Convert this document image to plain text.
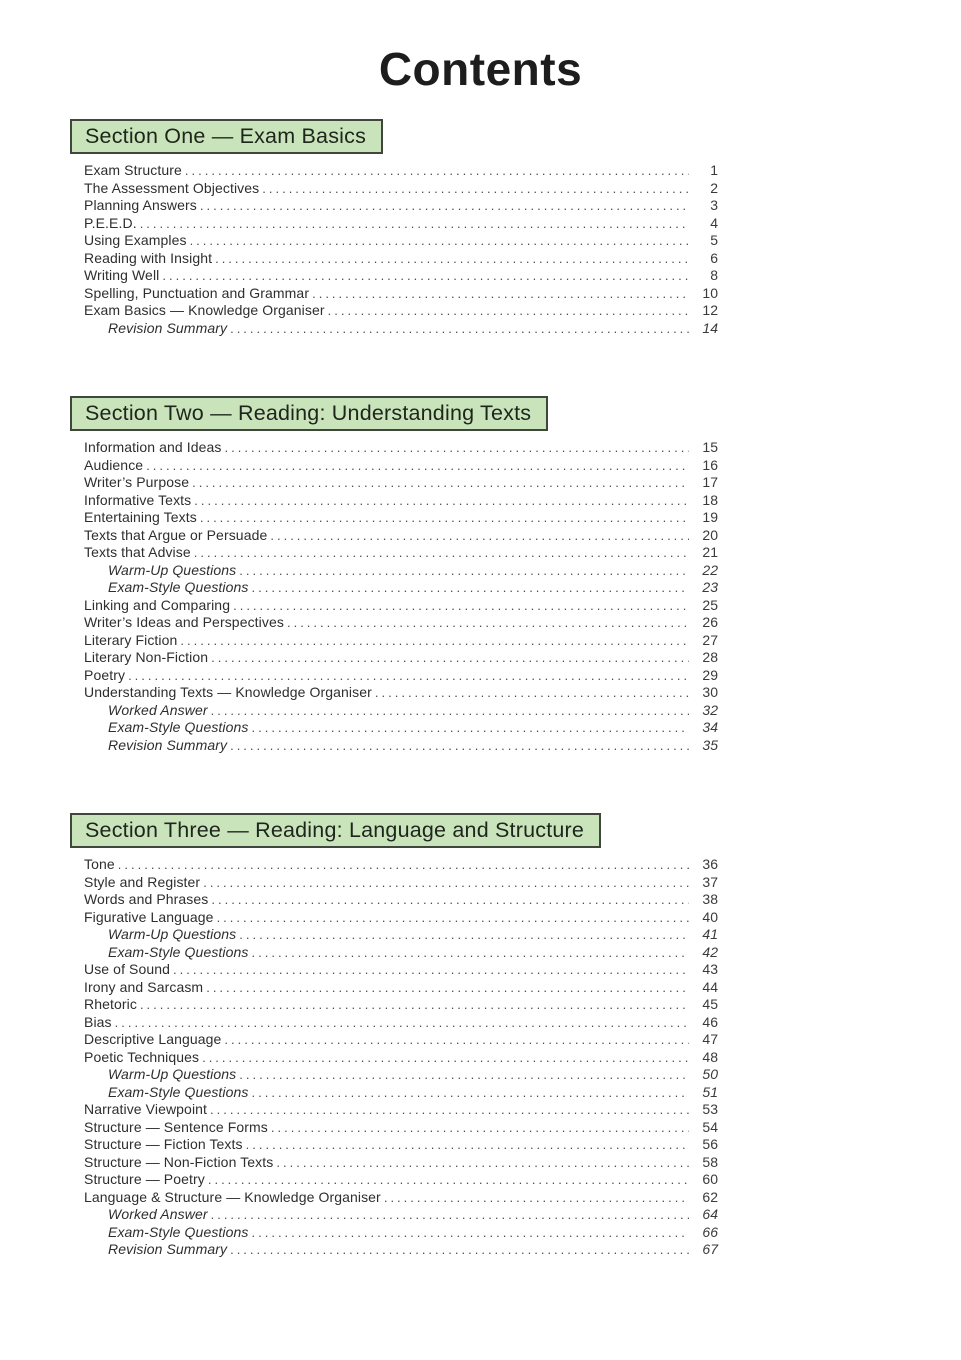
Contents
Section One — Exam Basics
Exam Structure .....	1
The Assessment Objectives .....	2
Planning Answers .....	3
P.E.E.D. .....	4
Using Examples .....	5
Reading with Insight .....	6
Writing Well .....	8
Spelling, Punctuation and Grammar .....	10
Exam Basics — Knowledge Organiser .....	12
Revision Summary .....	14
Section Two — Reading: Understanding Texts
Information and Ideas .....	15
Audience .....	16
Writer’s Purpose .....	17
Informative Texts .....	18
Entertaining Texts .....	19
Texts that Argue or Persuade .....	20
Texts that Advise .....	21
Warm-Up Questions .....	22
Exam-Style Questions .....	23
Linking and Comparing .....	25
Writer’s Ideas and Perspectives .....	26
Literary Fiction .....	27
Literary Non-Fiction .....	28
Poetry .....	29
Understanding Texts — Knowledge Organiser .....	30
Worked Answer .....	32
Exam-Style Questions .....	34
Revision Summary .....	35
Section Three — Reading: Language and Structure
Tone .....	36
Style and Register .....	37
Words and Phrases .....	38
Figurative Language .....	40
Warm-Up Questions .....	41
Exam-Style Questions .....	42
Use of Sound .....	43
Irony and Sarcasm .....	44
Rhetoric .....	45
Bias .....	46
Descriptive Language .....	47
Poetic Techniques .....	48
Warm-Up Questions .....	50
Exam-Style Questions .....	51
Narrative Viewpoint .....	53
Structure — Sentence Forms .....	54
Structure — Fiction Texts .....	56
Structure — Non-Fiction Texts .....	58
Structure — Poetry .....	60
Language & Structure — Knowledge Organiser .....	62
Worked Answer .....	64
Exam-Style Questions .....	66
Revision Summary .....	67
